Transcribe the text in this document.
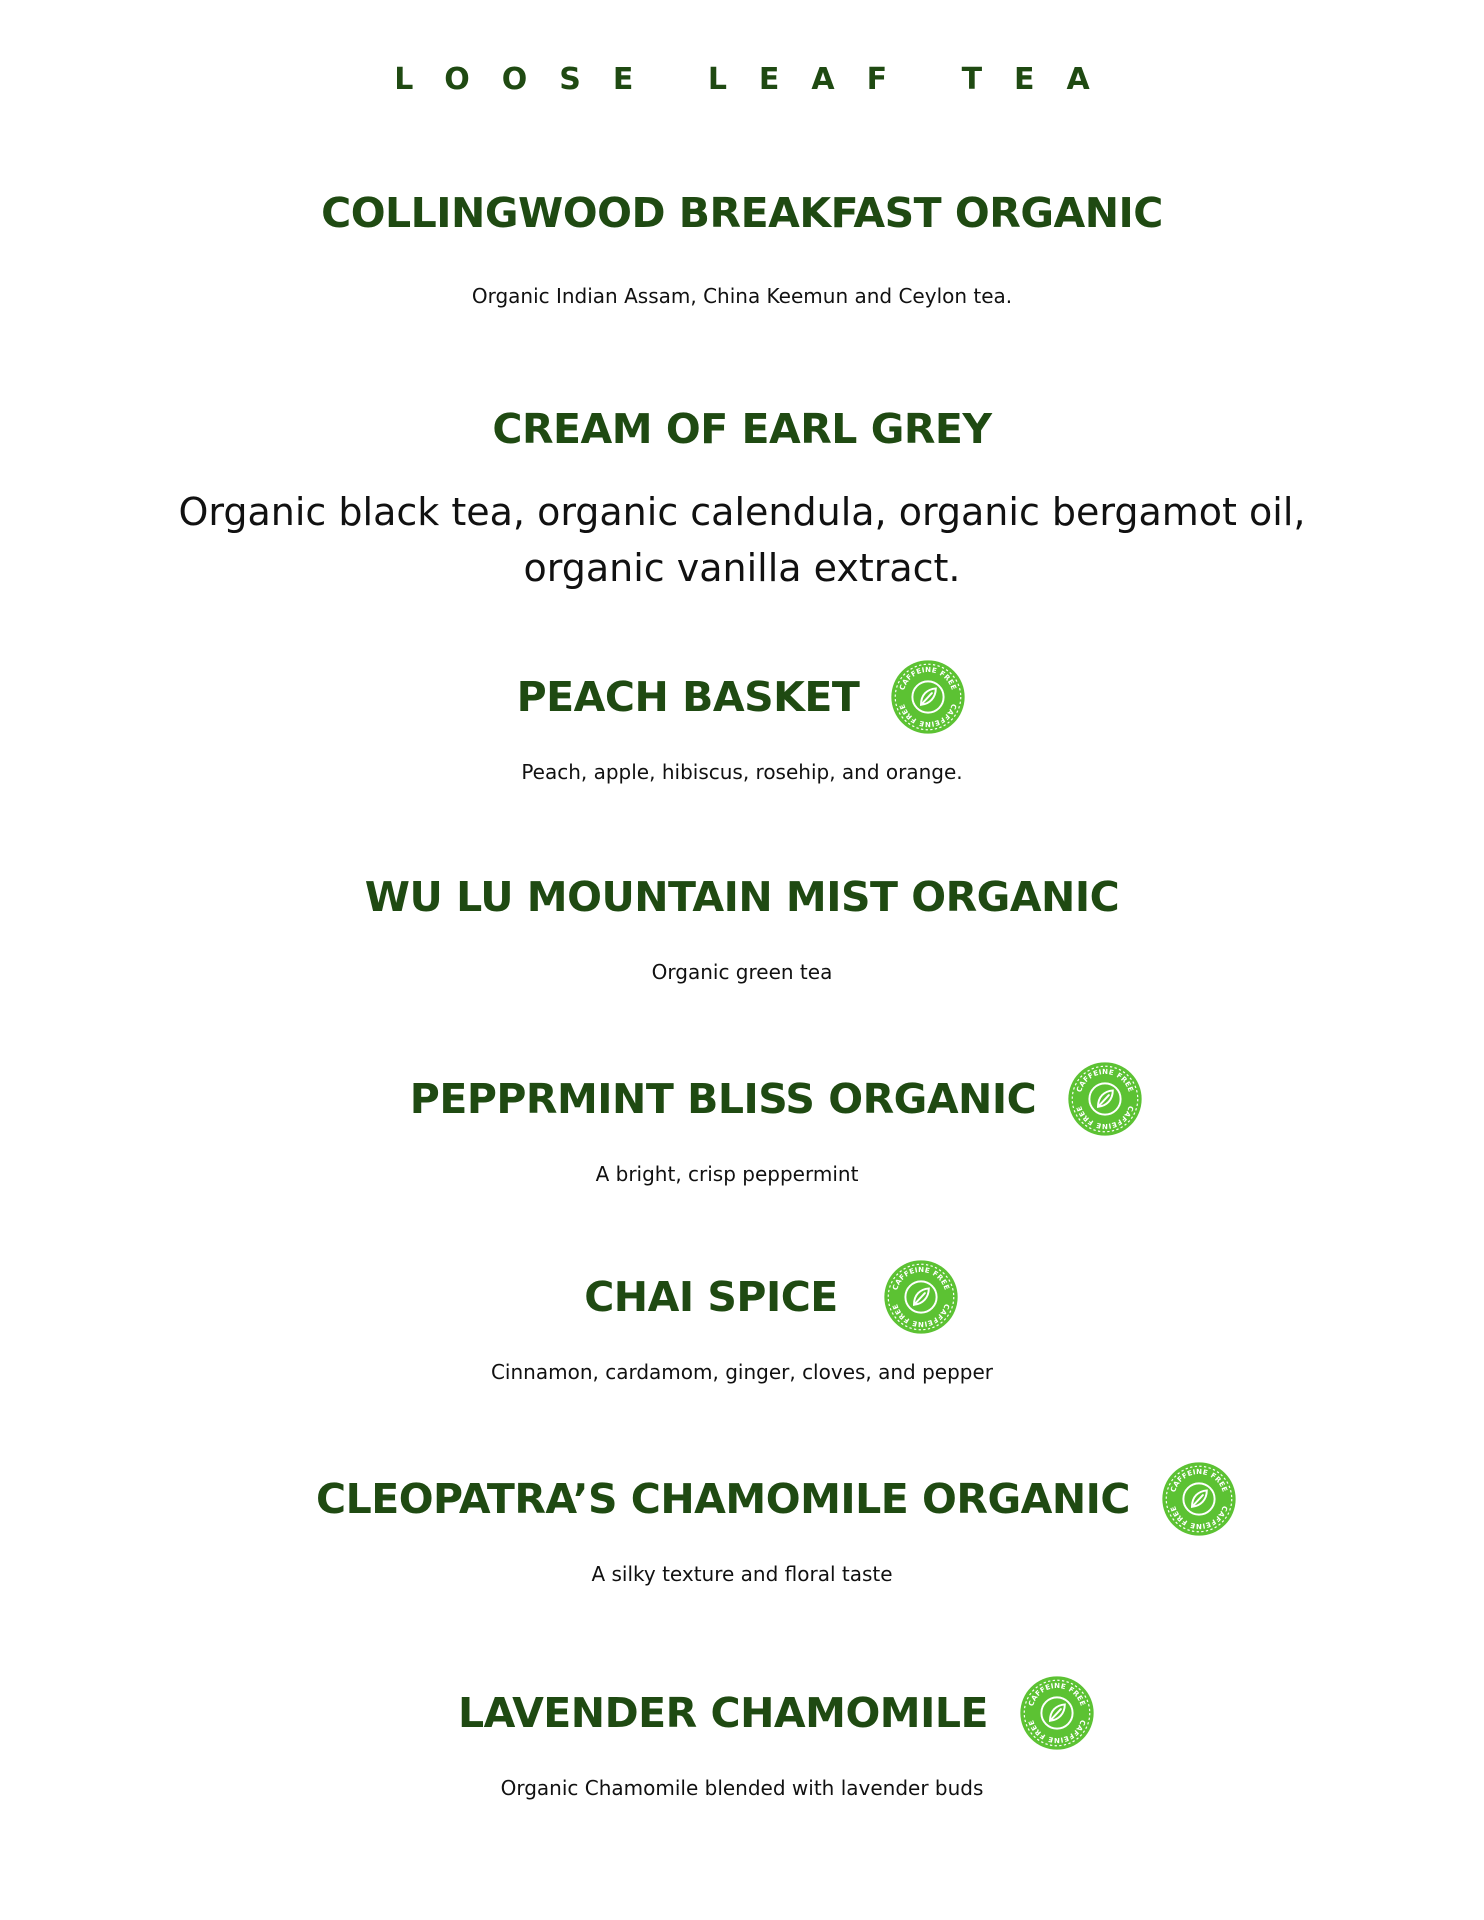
LOOSE LEAF TEA
COLLINGWOOD BREAKFAST ORGANIC

Organic Indian Assam, China Keemun and Ceylon tea.

CREAM OF EARL GREY

Organic black tea, organic calendula, organic bergamot oil, organic vanilla extract.

PEACH BASKET	CAFFEINE FREE
CAFFEINE FREE

Peach, apple, hibiscus, rosehip, and orange.

WU LU MOUNTAIN MIST ORGANIC

Organic green tea

PEPPRMINT BLISS ORGANIC	CAFFEINE FREE
CAFFEINE FREE

A bright, crisp peppermint

CHAI SPICE	CAFFEINE FREE
CAFFEINE FREE

Cinnamon, cardamom, ginger, cloves, and pepper

CLEOPATRA’S CHAMOMILE ORGANIC	CAFFEINE FREE
CAFFEINE FREE

A silky texture and floral taste

LAVENDER CHAMOMILE	CAFFEINE FREE
CAFFEINE FREE

Organic Chamomile blended with lavender buds
